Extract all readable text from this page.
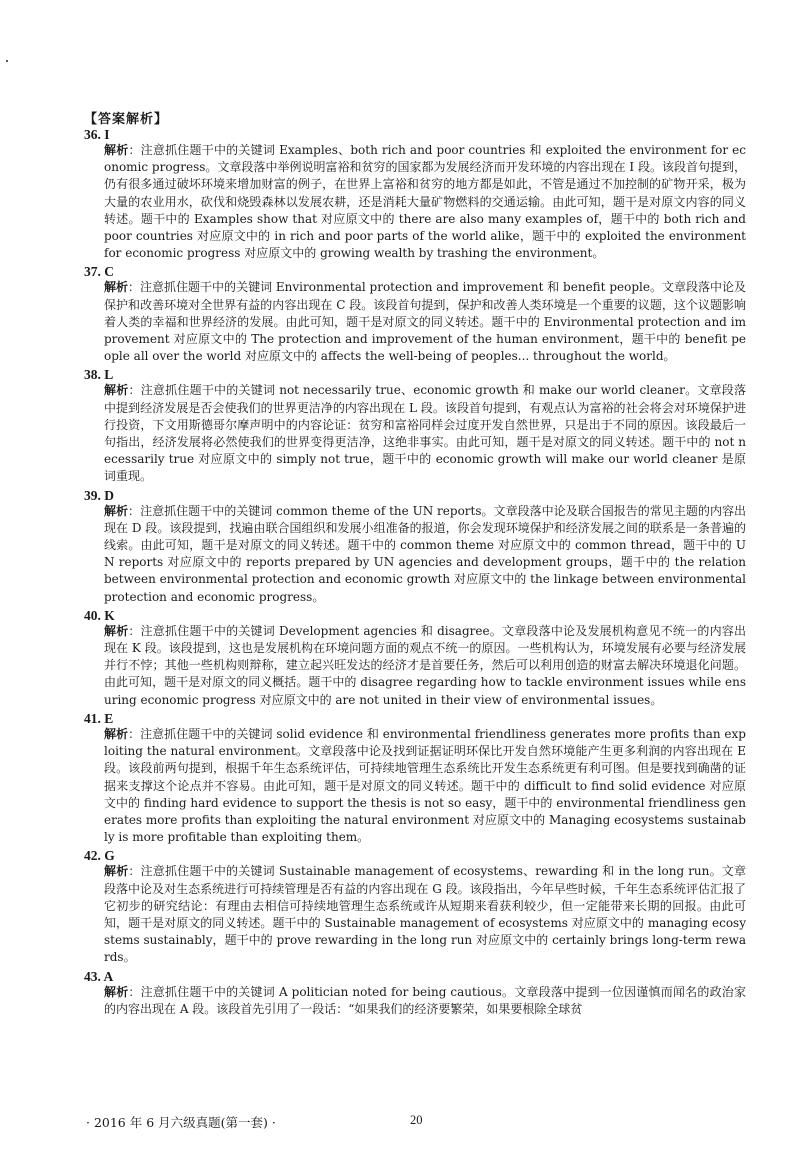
【答案解析】
36. I

解析：注意抓住题干中的关键词 Examples、both rich and poor countries 和 exploited the environment for economic progress。文章段落中举例说明富裕和贫穷的国家都为发展经济而开发环境的内容出现在 I 段。该段首句提到，仍有很多通过破坏环境来增加财富的例子，在世界上富裕和贫穷的地方都是如此，不管是通过不加控制的矿物开采，极为大量的农业用水，砍伐和烧毁森林以发展农耕，还是消耗大量矿物燃料的交通运输。由此可知，题干是对原文内容的同义转述。题干中的 Examples show that 对应原文中的 there are also many examples of，题干中的 both rich and poor countries 对应原文中的 in rich and poor parts of the world alike，题干中的 exploited the environment for economic progress 对应原文中的 growing wealth by trashing the environment。

37. C

解析：注意抓住题干中的关键词 Environmental protection and improvement 和 benefit people。文章段落中论及保护和改善环境对全世界有益的内容出现在 C 段。该段首句提到，保护和改善人类环境是一个重要的议题，这个议题影响着人类的幸福和世界经济的发展。由此可知，题干是对原文的同义转述。题干中的 Environmental protection and improvement 对应原文中的 The protection and improvement of the human environment，题干中的 benefit people all over the world 对应原文中的 affects the well-being of peoples... throughout the world。

38. L

解析：注意抓住题干中的关键词 not necessarily true、economic growth 和 make our world cleaner。文章段落中提到经济发展是否会使我们的世界更洁净的内容出现在 L 段。该段首句提到，有观点认为富裕的社会将会对环境保护进行投资，下文用斯德哥尔摩声明中的内容论证：贫穷和富裕同样会过度开发自然世界，只是出于不同的原因。该段最后一句指出，经济发展将必然使我们的世界变得更洁净，这绝非事实。由此可知，题干是对原文的同义转述。题干中的 not necessarily true 对应原文中的 simply not true，题干中的 economic growth will make our world cleaner 是原词重现。

39. D

解析：注意抓住题干中的关键词 common theme of the UN reports。文章段落中论及联合国报告的常见主题的内容出现在 D 段。该段提到，找遍由联合国组织和发展小组准备的报道，你会发现环境保护和经济发展之间的联系是一条普遍的线索。由此可知，题干是对原文的同义转述。题干中的 common theme 对应原文中的 common thread，题干中的 UN reports 对应原文中的 reports prepared by UN agencies and development groups，题干中的 the relation between environmental protection and economic growth 对应原文中的 the linkage between environmental protection and economic progress。

40. K

解析：注意抓住题干中的关键词 Development agencies 和 disagree。文章段落中论及发展机构意见不统一的内容出现在 K 段。该段提到，这也是发展机构在环境问题方面的观点不统一的原因。一些机构认为，环境发展有必要与经济发展并行不悖；其他一些机构则辩称，建立起兴旺发达的经济才是首要任务，然后可以利用创造的财富去解决环境退化问题。由此可知，题干是对原文的同义概括。题干中的 disagree regarding how to tackle environment issues while ensuring economic progress 对应原文中的 are not united in their view of environmental issues。

41. E

解析：注意抓住题干中的关键词 solid evidence 和 environmental friendliness generates more profits than exploiting the natural environment。文章段落中论及找到证据证明环保比开发自然环境能产生更多利润的内容出现在 E 段。该段前两句提到，根据千年生态系统评估，可持续地管理生态系统比开发生态系统更有利可图。但是要找到确凿的证据来支撑这个论点并不容易。由此可知，题干是对原文的同义转述。题干中的 difficult to find solid evidence 对应原文中的 finding hard evidence to support the thesis is not so easy，题干中的 environmental friendliness generates more profits than exploiting the natural environment 对应原文中的 Managing ecosystems sustainably is more profitable than exploiting them。

42. G

解析：注意抓住题干中的关键词 Sustainable management of ecosystems、rewarding 和 in the long run。文章段落中论及对生态系统进行可持续管理是否有益的内容出现在 G 段。该段指出，今年早些时候，千年生态系统评估汇报了它初步的研究结论：有理由去相信可持续地管理生态系统或许从短期来看获利较少，但一定能带来长期的回报。由此可知，题干是对原文的同义转述。题干中的 Sustainable management of ecosystems 对应原文中的 managing ecosystems sustainably，题干中的 prove rewarding in the long run 对应原文中的 certainly brings long-term rewards。

43. A

解析：注意抓住题干中的关键词 A politician noted for being cautious。文章段落中提到一位因谨慎而闻名的政治家的内容出现在 A 段。该段首先引用了一段话：“如果我们的经济要繁荣，如果要根除全球贫

· 2016 年 6 月六级真题(第一套) ·	20
